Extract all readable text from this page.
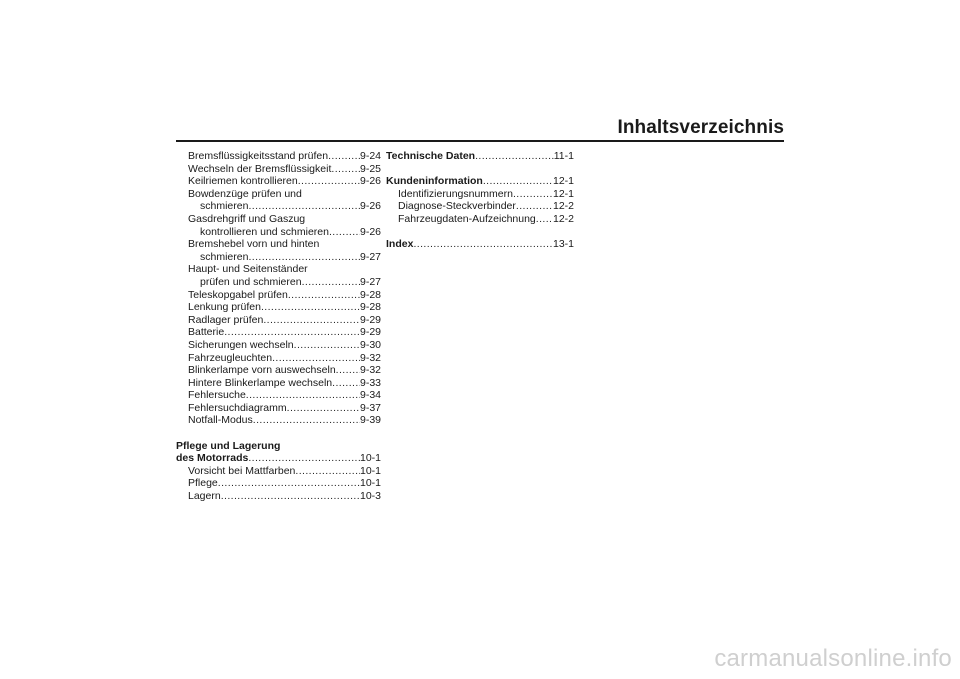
Inhaltsverzeichnis
Bremsflüssigkeitsstand prüfen .....	9-24
Wechseln der Bremsflüssigkeit .....	9-25
Keilriemen kontrollieren .....	9-26
Bowdenzüge prüfen und
schmieren .....	9-26
Gasdrehgriff und Gaszug
kontrollieren und schmieren .....	9-26
Bremshebel vorn und hinten
schmieren .....	9-27
Haupt- und Seitenständer
prüfen und schmieren .....	9-27
Teleskopgabel prüfen .....	9-28
Lenkung prüfen .....	9-28
Radlager prüfen .....	9-29
Batterie .....	9-29
Sicherungen wechseln .....	9-30
Fahrzeugleuchten .....	9-32
Blinkerlampe vorn auswechseln ..... 9-32
Hintere Blinkerlampe wechseln .....	9-33
Fehlersuche .....	9-34
Fehlersuchdiagramm .....	9-37
Notfall-Modus .....	9-39
Pflege und Lagerung
des Motorrads .....	10-1
Vorsicht bei Mattfarben .....	10-1
Pflege .....	10-1
Lagern .....	10-3
Technische Daten .....	11-1
Kundeninformation .....	12-1
Identifizierungsnummern .....	12-1
Diagnose-Steckverbinder .....	12-2
Fahrzeugdaten-Aufzeichnung ..... 12-2
Index .....	13-1
carmanualsonline.info
